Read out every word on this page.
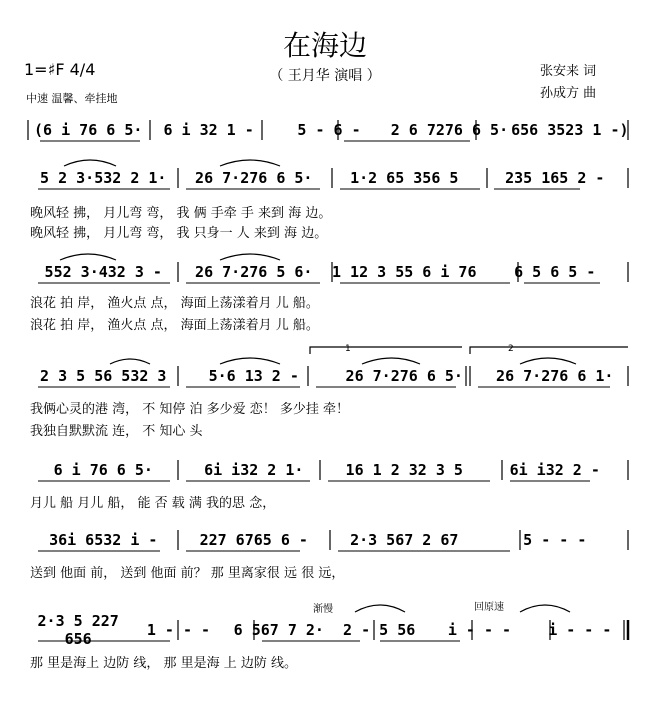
在海边
（ 王月华 演唱 ）
1=♯F 4/4
中速 温馨、牵挂地
张安来 词
孙成方 曲
(6 i 76 6 5·	6 i 32 1 -	5 - 6 -	2 6 7276 6 5· 656 3523 1 -)
5 2 3·532 2 1·	26 7·276 6 5·	1·2 65 356 5	235 165 2 -
晚风轻 拂， 月儿弯 弯， 我 俩 手牵 手 来到 海 边。
晚风轻 拂， 月儿弯 弯， 我 只身一 人 来到 海 边。
552 3·432 3 -	26 7·276 5 6·	1 12 3 55 6 i 76	6 5 6 5 -
浪花 拍 岸， 渔火点 点， 海面上荡漾着月 儿 船。
浪花 拍 岸， 渔火点 点， 海面上荡漾着月 儿 船。
1	2
2 3 5 56 532 3	5·6 13 2 -	26 7·276 6 5·	26 7·276 6 1·
我俩心灵的港 湾， 不 知停 泊 多少爱 恋！ 多少挂 牵！
我独自默默流 连， 不 知心 头
6 i 76 6 5·	6i i32 2 1·	16 1 2 32 3 5	6i i32 2 -
月儿 船 月儿 船， 能 否 载 满 我的思 念，
36i 6532 i -	227 6765 6 -	2·3 567 2 67	5 - - -
送到 他面 前， 送到 他面 前？ 那 里离家很 远 很 远，
渐慢	回原速
2·3 5 227 656	1 - - -	6 567 7 2·	2 - 5 56	i - - -	i - - -
那 里是海上 边防 线， 那 里是海 上 边防 线。
